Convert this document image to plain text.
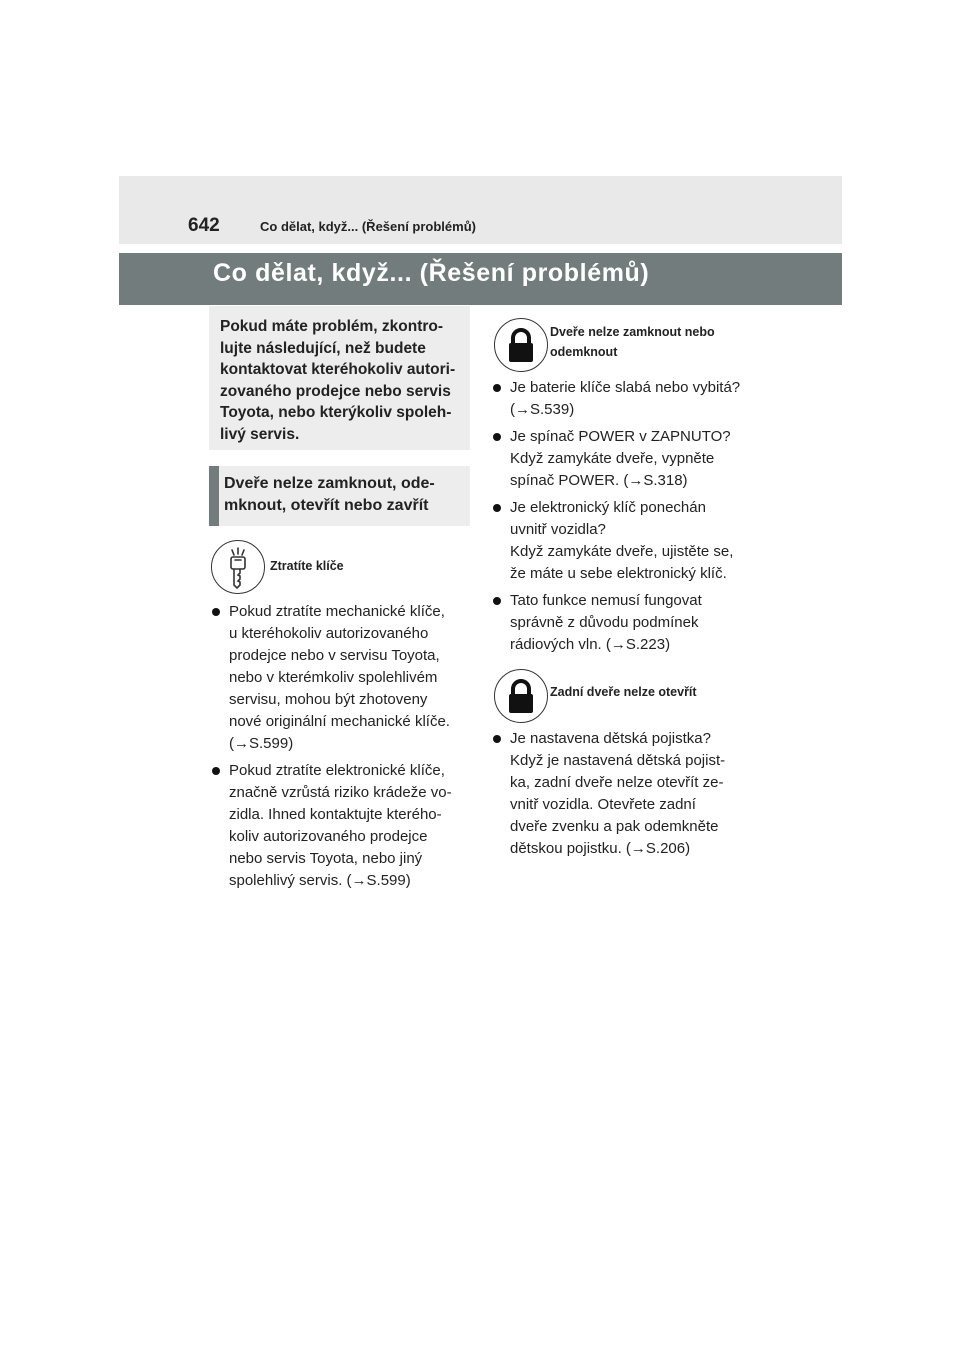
642	Co dělat, když... (Řešení problémů)
Co dělat, když... (Řešení problémů)
Pokud máte problém, zkontro-
lujte následující, než budete
kontaktovat kteréhokoliv autori-
zovaného prodejce nebo servis
Toyota, nebo kterýkoliv spoleh-
livý servis.
Dveře nelze zamknout, ode-
mknout, otevřít nebo zavřít
Ztratíte klíče
Pokud ztratíte mechanické klíče,
u kteréhokoliv autorizovaného
prodejce nebo v servisu Toyota,
nebo v kterémkoliv spolehlivém
servisu, mohou být zhotoveny
nové originální mechanické klíče.
(→S.599)
Pokud ztratíte elektronické klíče,
značně vzrůstá riziko krádeže vo-
zidla. Ihned kontaktujte kterého-
koliv autorizovaného prodejce
nebo servis Toyota, nebo jiný
spolehlivý servis. (→S.599)
Dveře nelze zamknout nebo
odemknout
Je baterie klíče slabá nebo vybitá?
(→S.539)
Je spínač POWER v ZAPNUTO?
Když zamykáte dveře, vypněte
spínač POWER. (→S.318)
Je elektronický klíč ponechán
uvnitř vozidla?
Když zamykáte dveře, ujistěte se,
že máte u sebe elektronický klíč.
Tato funkce nemusí fungovat
správně z důvodu podmínek
rádiových vln. (→S.223)
Zadní dveře nelze otevřít
Je nastavena dětská pojistka?
Když je nastavená dětská pojist-
ka, zadní dveře nelze otevřít ze-
vnitř vozidla. Otevřete zadní
dveře zvenku a pak odemkněte
dětskou pojistku. (→S.206)
